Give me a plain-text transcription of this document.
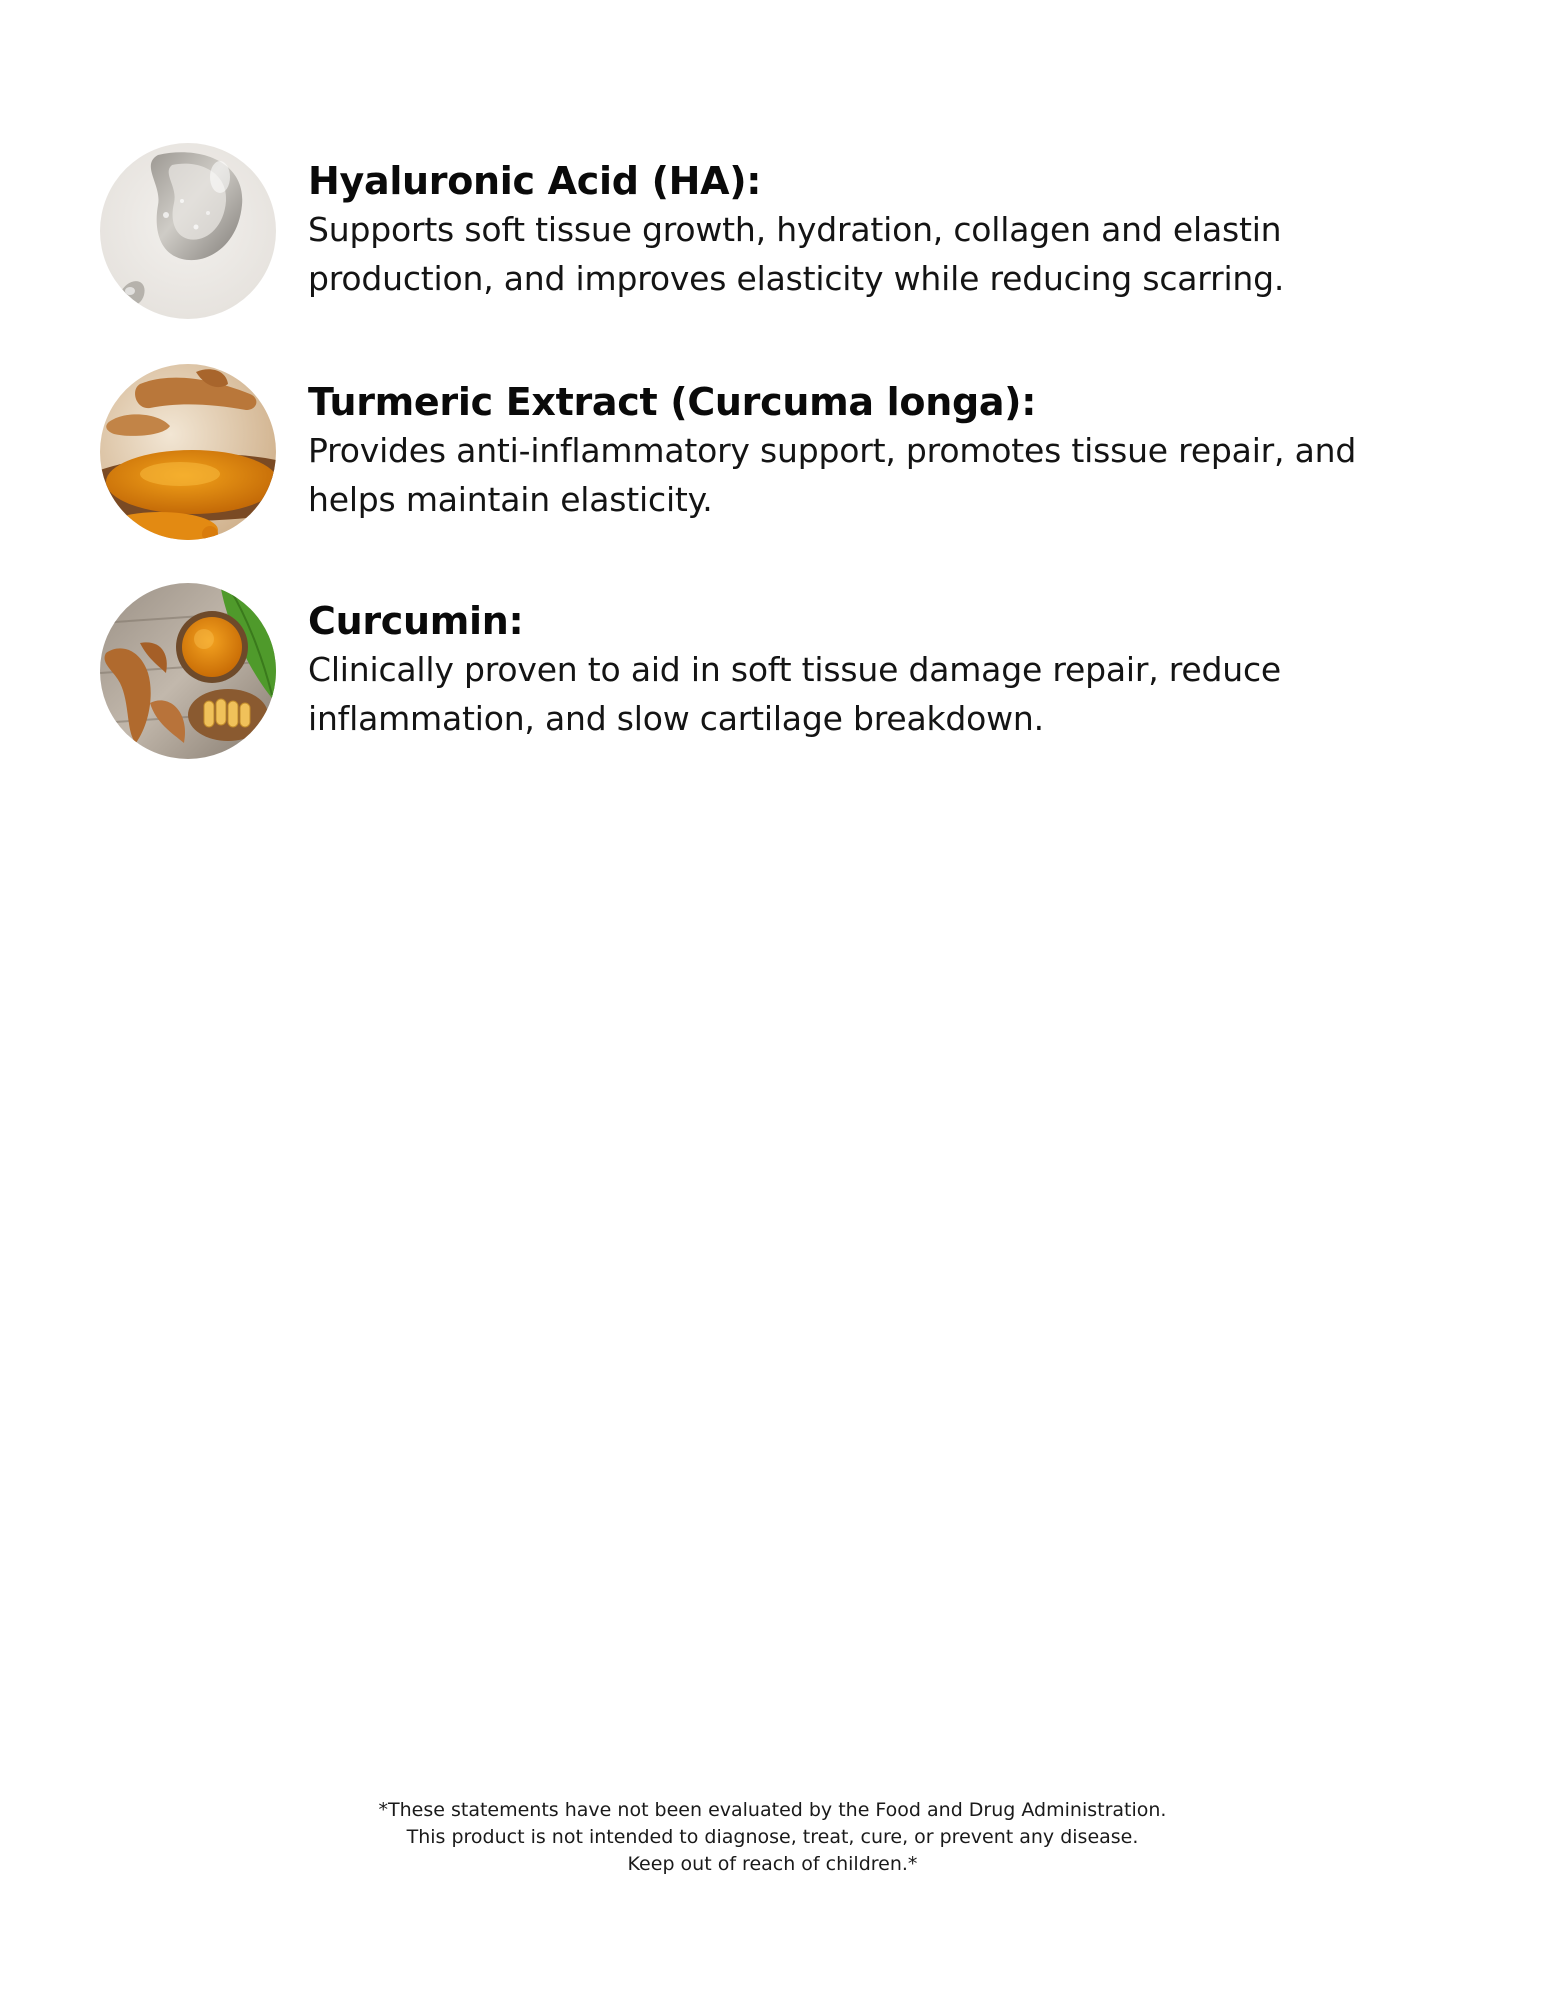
Hyaluronic Acid (HA):

Supports soft tissue growth, hydration, collagen and elastin production, and improves elasticity while reducing scarring.

Turmeric Extract (Curcuma longa):

Provides anti-inflammatory support, promotes tissue repair, and helps maintain elasticity.

Curcumin:

Clinically proven to aid in soft tissue damage repair, reduce inflammation, and slow cartilage breakdown.

*These statements have not been evaluated by the Food and Drug Administration.
This product is not intended to diagnose, treat, cure, or prevent any disease.
Keep out of reach of children.*
